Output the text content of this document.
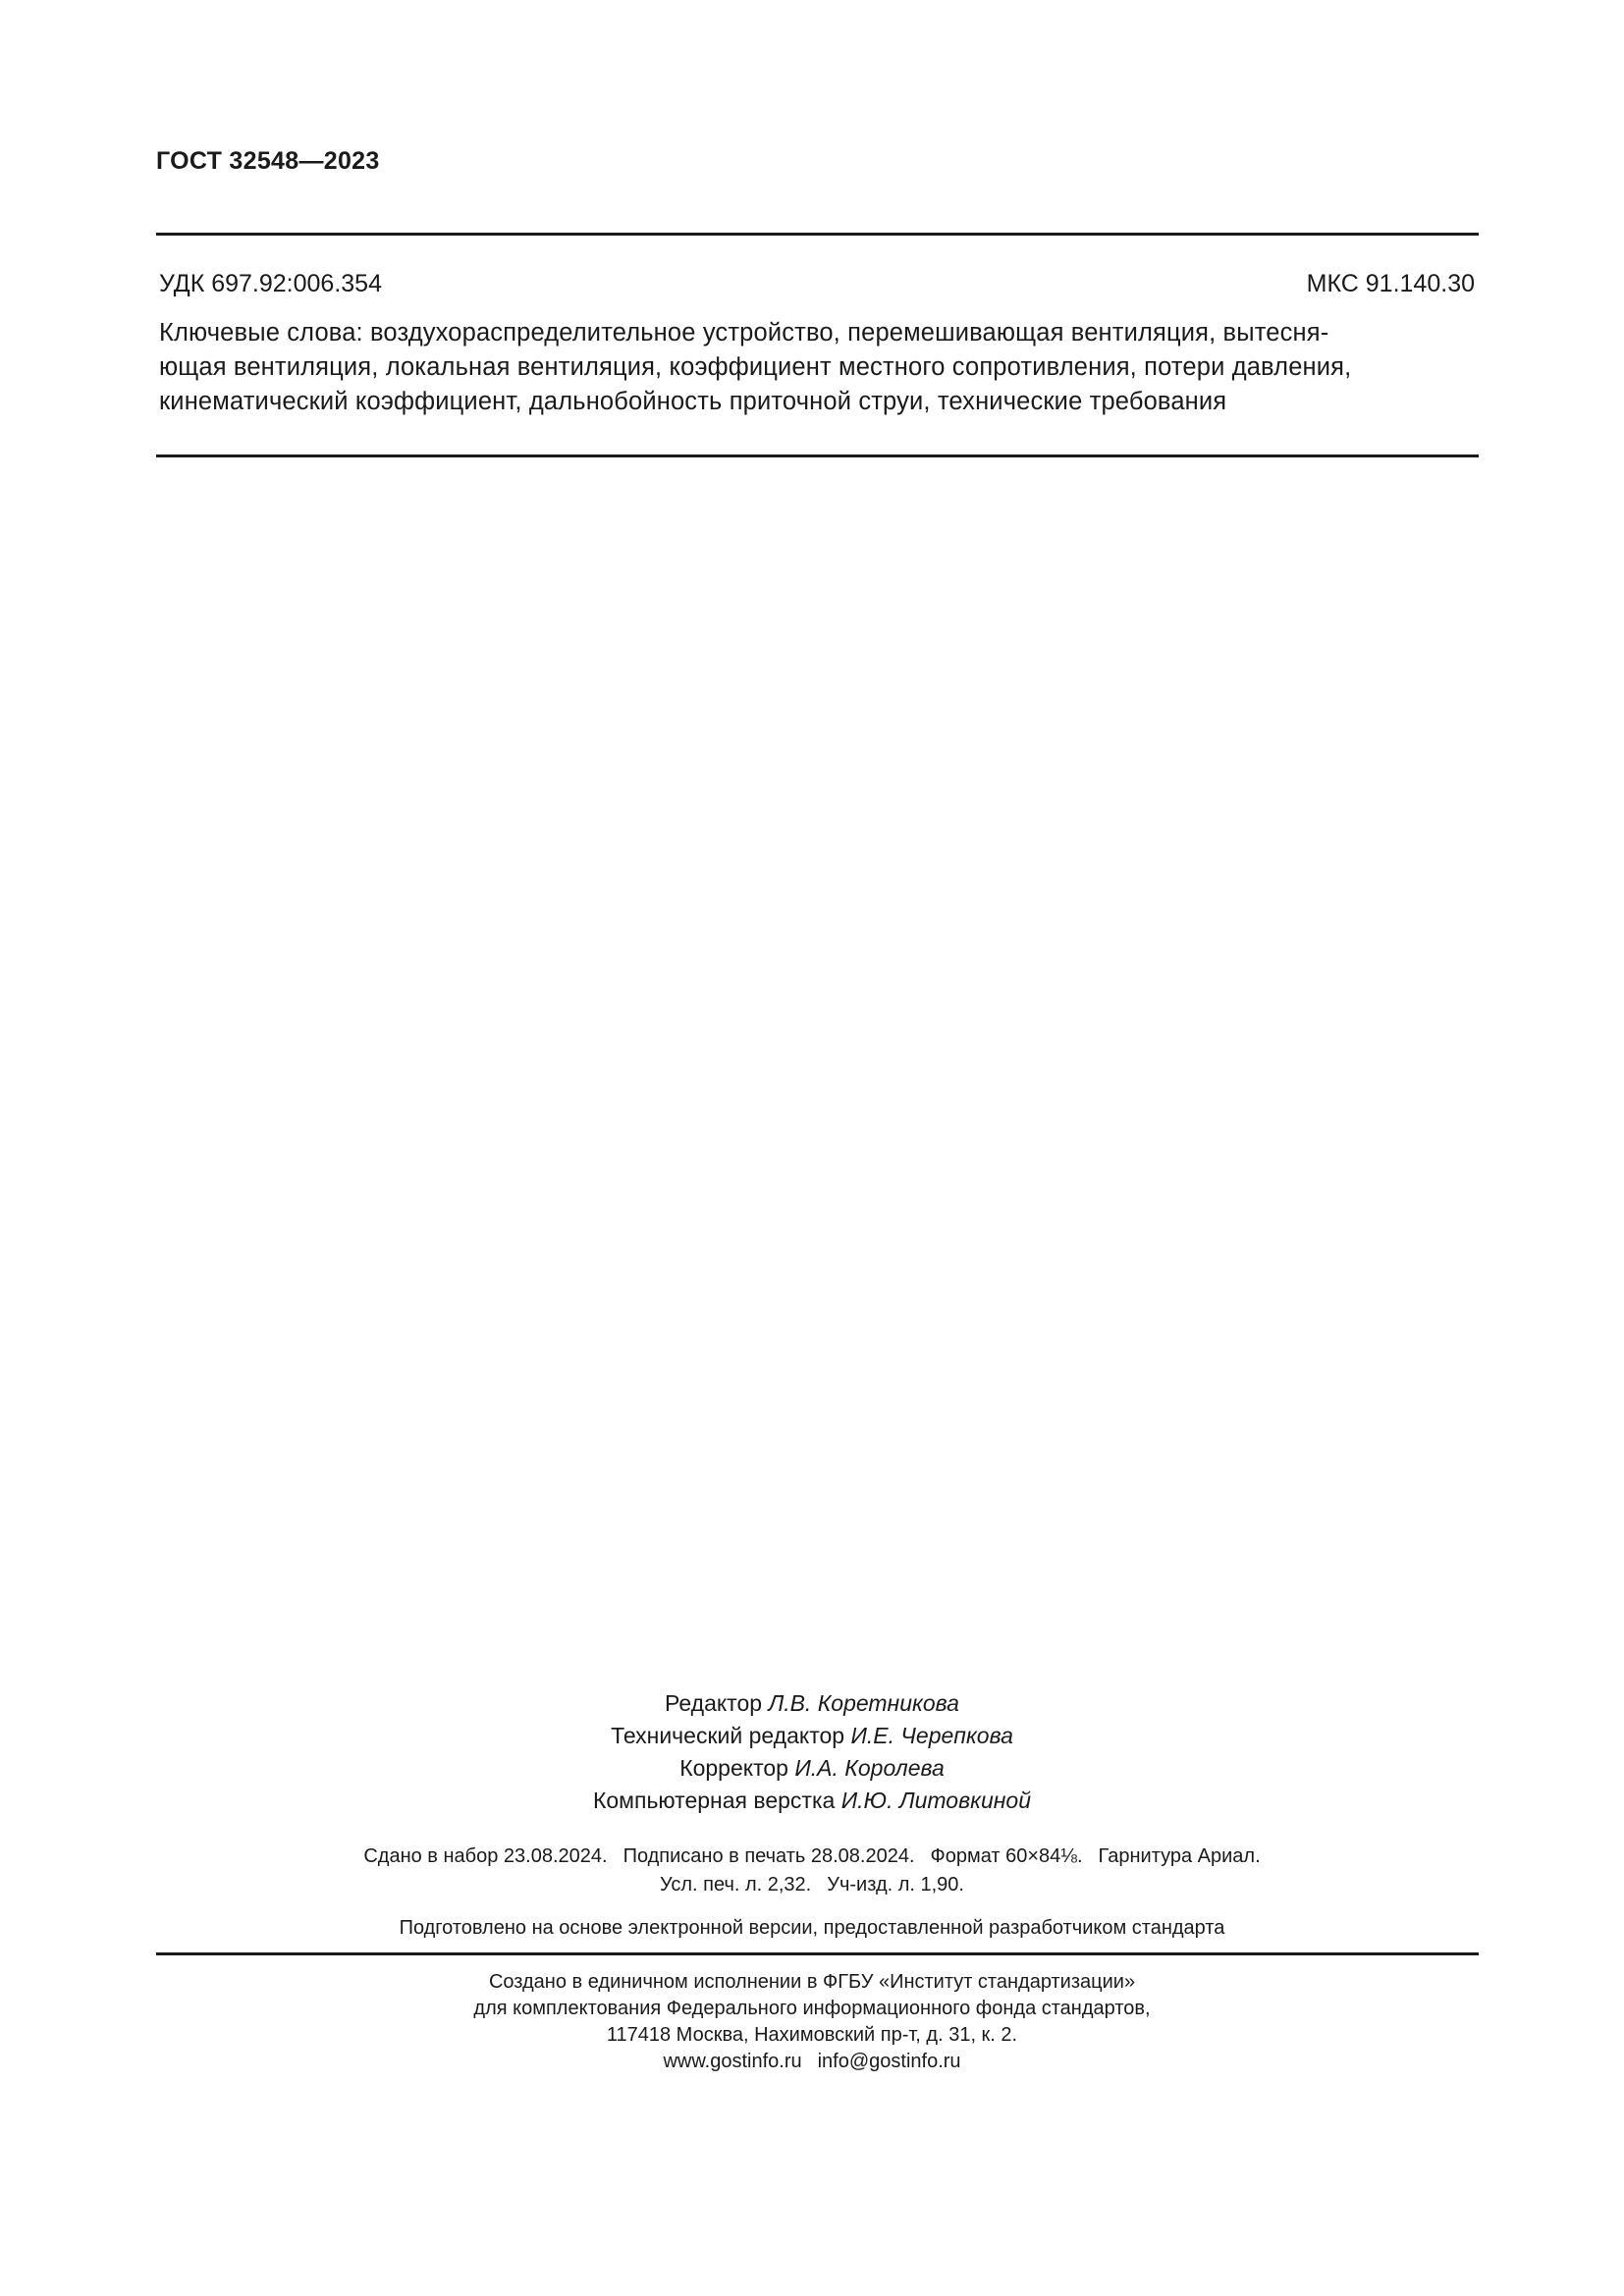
ГОСТ 32548—2023
УДК 697.92:006.354	МКС 91.140.30
Ключевые слова: воздухораспределительное устройство, перемешивающая вентиляция, вытесня-
ющая вентиляция, локальная вентиляция, коэффициент местного сопротивления, потери давления,
кинематический коэффициент, дальнобойность приточной струи, технические требования
Редактор Л.В. Коретникова
Технический редактор И.Е. Черепкова
Корректор И.А. Королева
Компьютерная верстка И.Ю. Литовкиной
Сдано в набор 23.08.2024. Подписано в печать 28.08.2024. Формат 60×84⅛. Гарнитура Ариал.
Усл. печ. л. 2,32. Уч-изд. л. 1,90.
Подготовлено на основе электронной версии, предоставленной разработчиком стандарта
Создано в единичном исполнении в ФГБУ «Институт стандартизации»
для комплектования Федерального информационного фонда стандартов,
117418 Москва, Нахимовский пр-т, д. 31, к. 2.
www.gostinfo.ru info@gostinfo.ru
